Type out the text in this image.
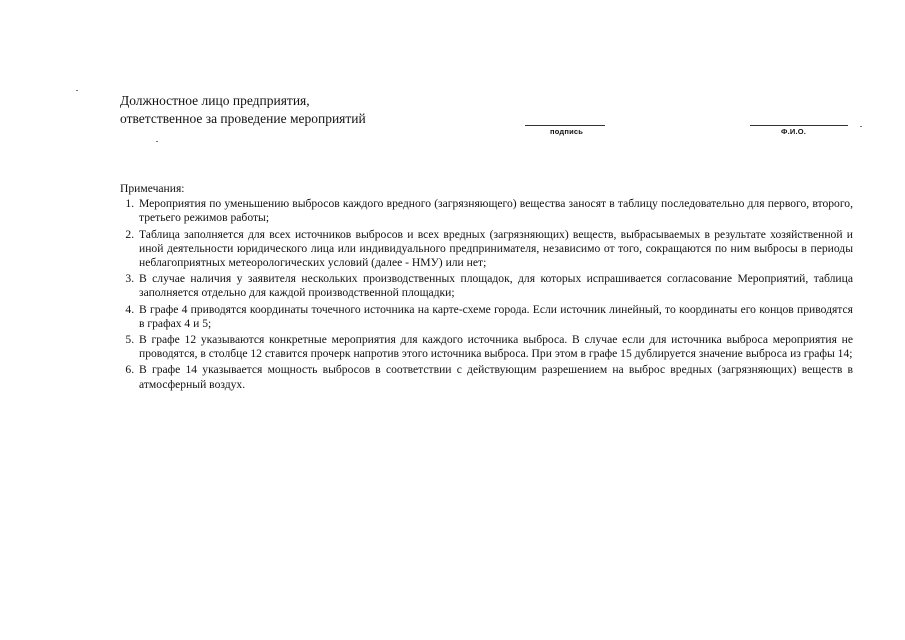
Должностное лицо предприятия,
ответственное за проведение мероприятий
подпись	Ф.И.О.
Примечания:
1. Мероприятия по уменьшению выбросов каждого вредного (загрязняющего) вещества заносят в таблицу последовательно для первого, второго, третьего режимов работы;
2. Таблица заполняется для всех источников выбросов и всех вредных (загрязняющих) веществ, выбрасываемых в результате хозяйственной и иной деятельности юридического лица или индивидуального предпринимателя, независимо от того, сокращаются по ним выбросы в периоды неблагоприятных метеорологических условий (далее - НМУ) или нет;
3. В случае наличия у заявителя нескольких производственных площадок, для которых испрашивается согласование Мероприятий, таблица заполняется отдельно для каждой производственной площадки;
4. В графе 4 приводятся координаты точечного источника на карте-схеме города. Если источник линейный, то координаты его концов приводятся в графах 4 и 5;
5. В графе 12 указываются конкретные мероприятия для каждого источника выброса. В случае если для источника выброса мероприятия не проводятся, в столбце 12 ставится прочерк напротив этого источника выброса. При этом в графе 15 дублируется значение выброса из графы 14;
6. В графе 14 указывается мощность выбросов в соответствии с действующим разрешением на выброс вредных (загрязняющих) веществ в атмосферный воздух.
